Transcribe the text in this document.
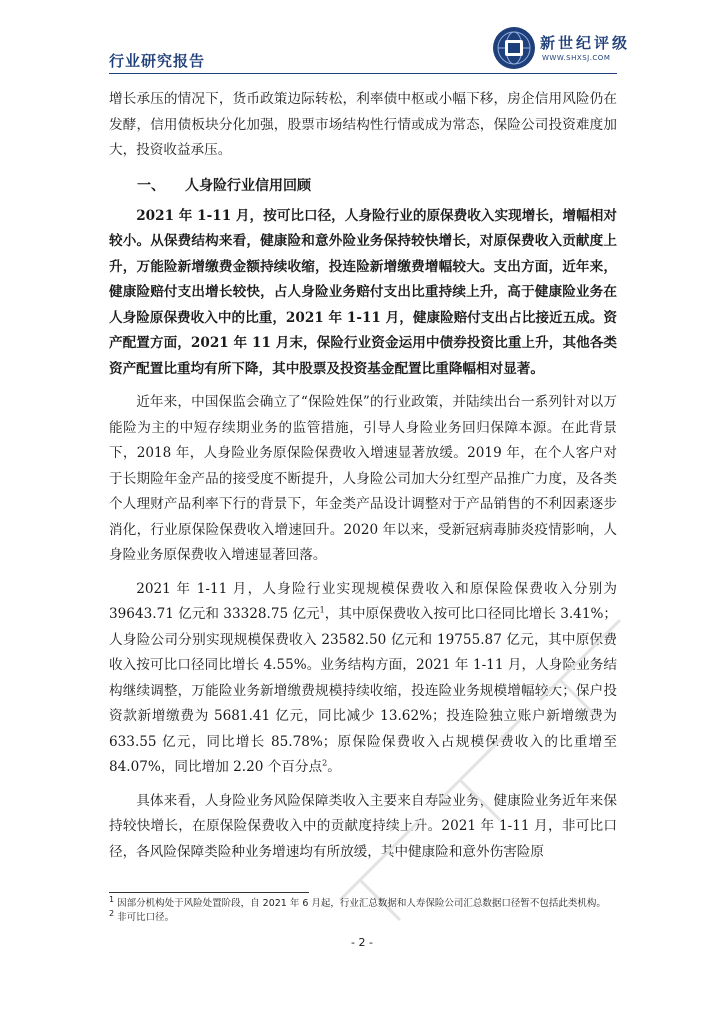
行业研究报告
新世纪评级
WWW.SHXSJ.COM

增长承压的情况下，货币政策边际转松，利率债中枢或小幅下移，房企信用风险仍在发酵，信用债板块分化加强，股票市场结构性行情或成为常态，保险公司投资难度加大，投资收益承压。

一、 人身险行业信用回顾

2021 年 1-11 月，按可比口径，人身险行业的原保费收入实现增长，增幅相对较小。从保费结构来看，健康险和意外险业务保持较快增长，对原保费收入贡献度上升，万能险新增缴费金额持续收缩，投连险新增缴费增幅较大。支出方面，近年来，健康险赔付支出增长较快，占人身险业务赔付支出比重持续上升，高于健康险业务在人身险原保费收入中的比重，2021 年 1-11 月，健康险赔付支出占比接近五成。资产配置方面，2021 年 11 月末，保险行业资金运用中债券投资比重上升，其他各类资产配置比重均有所下降，其中股票及投资基金配置比重降幅相对显著。

近年来，中国保监会确立了“保险姓保”的行业政策，并陆续出台一系列针对以万能险为主的中短存续期业务的监管措施，引导人身险业务回归保障本源。在此背景下，2018 年，人身险业务原保险保费收入增速显著放缓。2019 年，在个人客户对于长期险年金产品的接受度不断提升，人身险公司加大分红型产品推广力度，及各类个人理财产品利率下行的背景下，年金类产品设计调整对于产品销售的不利因素逐步消化，行业原保险保费收入增速回升。2020 年以来，受新冠病毒肺炎疫情影响，人身险业务原保费收入增速显著回落。

2021 年 1-11 月，人身险行业实现规模保费收入和原保险保费收入分别为 39643.71 亿元和 33328.75 亿元$^1$，其中原保费收入按可比口径同比增长 3.41%；人身险公司分别实现规模保费收入 23582.50 亿元和 19755.87 亿元，其中原保费收入按可比口径同比增长 4.55%。业务结构方面，2021 年 1-11 月，人身险业务结构继续调整，万能险业务新增缴费规模持续收缩，投连险业务规模增幅较大；保户投资款新增缴费为 5681.41 亿元，同比减少 13.62%；投连险独立账户新增缴费为 633.55 亿元，同比增长 85.78%；原保险保费收入占规模保费收入的比重增至 84.07%，同比增加 2.20 个百分点$^2$。

具体来看，人身险业务风险保障类收入主要来自寿险业务，健康险业务近年来保持较快增长，在原保险保费收入中的贡献度持续上升。2021 年 1-11 月，非可比口径，各风险保障类险种业务增速均有所放缓，其中健康险和意外伤害险原

$^1$ 因部分机构处于风险处置阶段，自 2021 年 6 月起，行业汇总数据和人寿保险公司汇总数据口径暂不包括此类机构。
$^2$ 非可比口径。
- 2 -
